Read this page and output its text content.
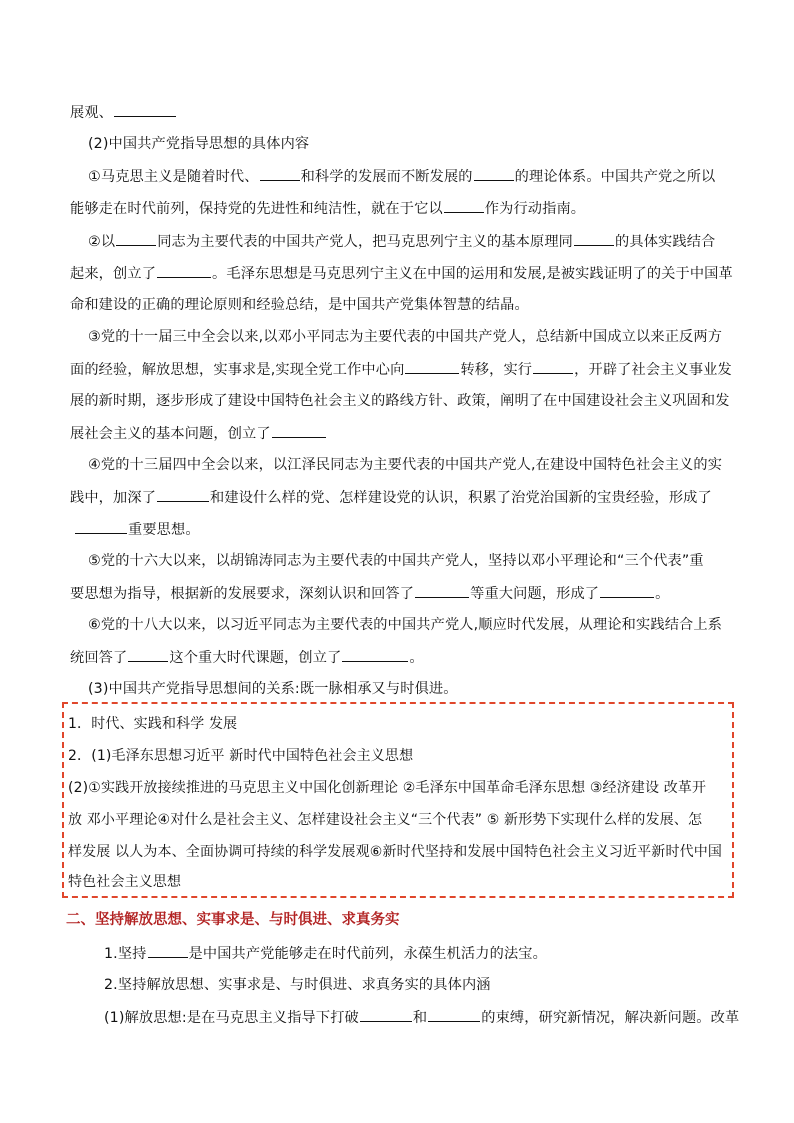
展观、
(2)中国共产党指导思想的具体内容
①马克思主义是随着时代、	和科学的发展而不断发展的	的理论体系。中国共产党之所以
能够走在时代前列，保持党的先进性和纯洁性，就在于它以	作为行动指南。
②以	同志为主要代表的中国共产党人，把马克思列宁主义的基本原理同	的具体实践结合
起来，创立了	。毛泽东思想是马克思列宁主义在中国的运用和发展,是被实践证明了的关于中国革
命和建设的正确的理论原则和经验总结，是中国共产党集体智慧的结晶。
③党的十一届三中全会以来,以邓小平同志为主要代表的中国共产党人，总结新中国成立以来正反两方
面的经验，解放思想，实事求是,实现全党工作中心向	转移，实行	，开辟了社会主义事业发
展的新时期，逐步形成了建设中国特色社会主义的路线方针、政策，阐明了在中国建设社会主义巩固和发
展社会主义的基本问题，创立了
④党的十三届四中全会以来，以江泽民同志为主要代表的中国共产党人,在建设中国特色社会主义的实
践中，加深了	和建设什么样的党、怎样建设党的认识，积累了治党治国新的宝贵经验，形成了
重要思想。
⑤党的十六大以来，以胡锦涛同志为主要代表的中国共产党人，坚持以邓小平理论和“三个代表”重
要思想为指导，根据新的发展要求，深刻认识和回答了	等重大问题，形成了	。
⑥党的十八大以来，以习近平同志为主要代表的中国共产党人,顺应时代发展，从理论和实践结合上系
统回答了	这个重大时代课题，创立了	。
(3)中国共产党指导思想间的关系:既一脉相承又与时俱进。
1．时代、实践和科学 发展
2．(1)毛泽东思想习近平 新时代中国特色社会主义思想
(2)①实践开放接续推进的马克思主义中国化创新理论 ②毛泽东中国革命毛泽东思想 ③经济建设 改革开
放 邓小平理论④对什么是社会主义、怎样建设社会主义“三个代表” ⑤ 新形势下实现什么样的发展、怎
样发展 以人为本、全面协调可持续的科学发展观⑥新时代坚持和发展中国特色社会主义习近平新时代中国
特色社会主义思想
二、坚持解放思想、实事求是、与时俱进、求真务实
1.坚持	是中国共产党能够走在时代前列，永葆生机活力的法宝。
2.坚持解放思想、实事求是、与时俱进、求真务实的具体内涵
(1)解放思想:是在马克思主义指导下打破	和	的束缚，研究新情况，解决新问题。改革
